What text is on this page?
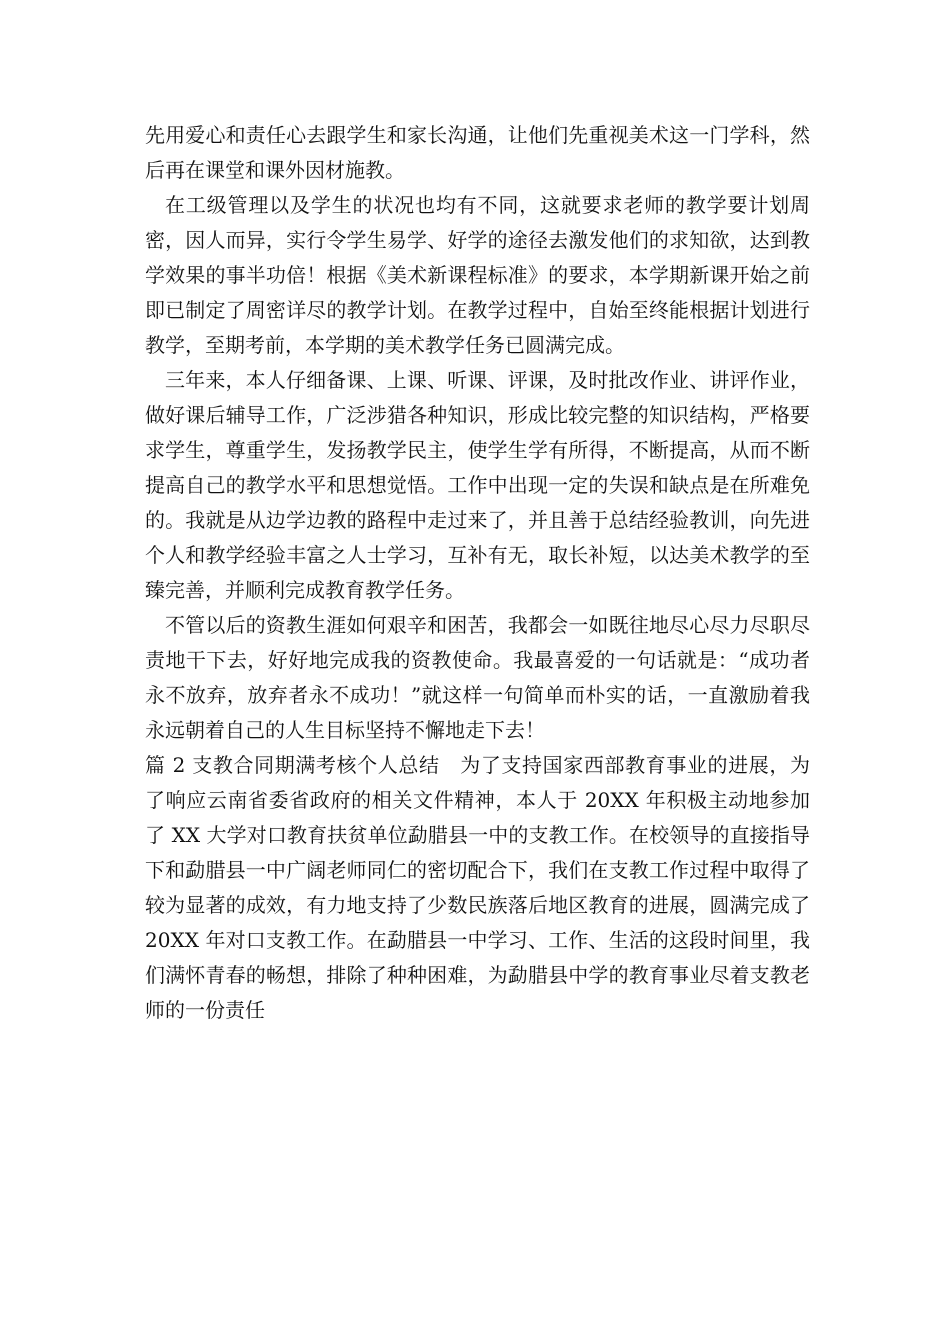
先用爱心和责任心去跟学生和家长沟通，让他们先重视美术这一门学科，然后再在课堂和课外因材施教。

在工级管理以及学生的状况也均有不同，这就要求老师的教学要计划周密，因人而异，实行令学生易学、好学的途径去激发他们的求知欲，达到教学效果的事半功倍！根据《美术新课程标准》的要求，本学期新课开始之前即已制定了周密详尽的教学计划。在教学过程中，自始至终能根据计划进行教学，至期考前，本学期的美术教学任务已圆满完成。

三年来，本人仔细备课、上课、听课、评课，及时批改作业、讲评作业，做好课后辅导工作，广泛涉猎各种知识，形成比较完整的知识结构，严格要求学生，尊重学生，发扬教学民主，使学生学有所得，不断提高，从而不断提高自己的教学水平和思想觉悟。工作中出现一定的失误和缺点是在所难免的。我就是从边学边教的路程中走过来了，并且善于总结经验教训，向先进个人和教学经验丰富之人士学习，互补有无，取长补短，以达美术教学的至臻完善，并顺利完成教育教学任务。

不管以后的资教生涯如何艰辛和困苦，我都会一如既往地尽心尽力尽职尽责地干下去，好好地完成我的资教使命。我最喜爱的一句话就是：“成功者永不放弃，放弃者永不成功！”就这样一句简单而朴实的话，一直激励着我永远朝着自己的人生目标坚持不懈地走下去！

篇 2 支教合同期满考核个人总结　为了支持国家西部教育事业的进展，为了响应云南省委省政府的相关文件精神，本人于 20XX 年积极主动地参加了 XX 大学对口教育扶贫单位勐腊县一中的支教工作。在校领导的直接指导下和勐腊县一中广阔老师同仁的密切配合下，我们在支教工作过程中取得了较为显著的成效，有力地支持了少数民族落后地区教育的进展，圆满完成了 20XX 年对口支教工作。在勐腊县一中学习、工作、生活的这段时间里，我们满怀青春的畅想，排除了种种困难，为勐腊县中学的教育事业尽着支教老师的一份责任
